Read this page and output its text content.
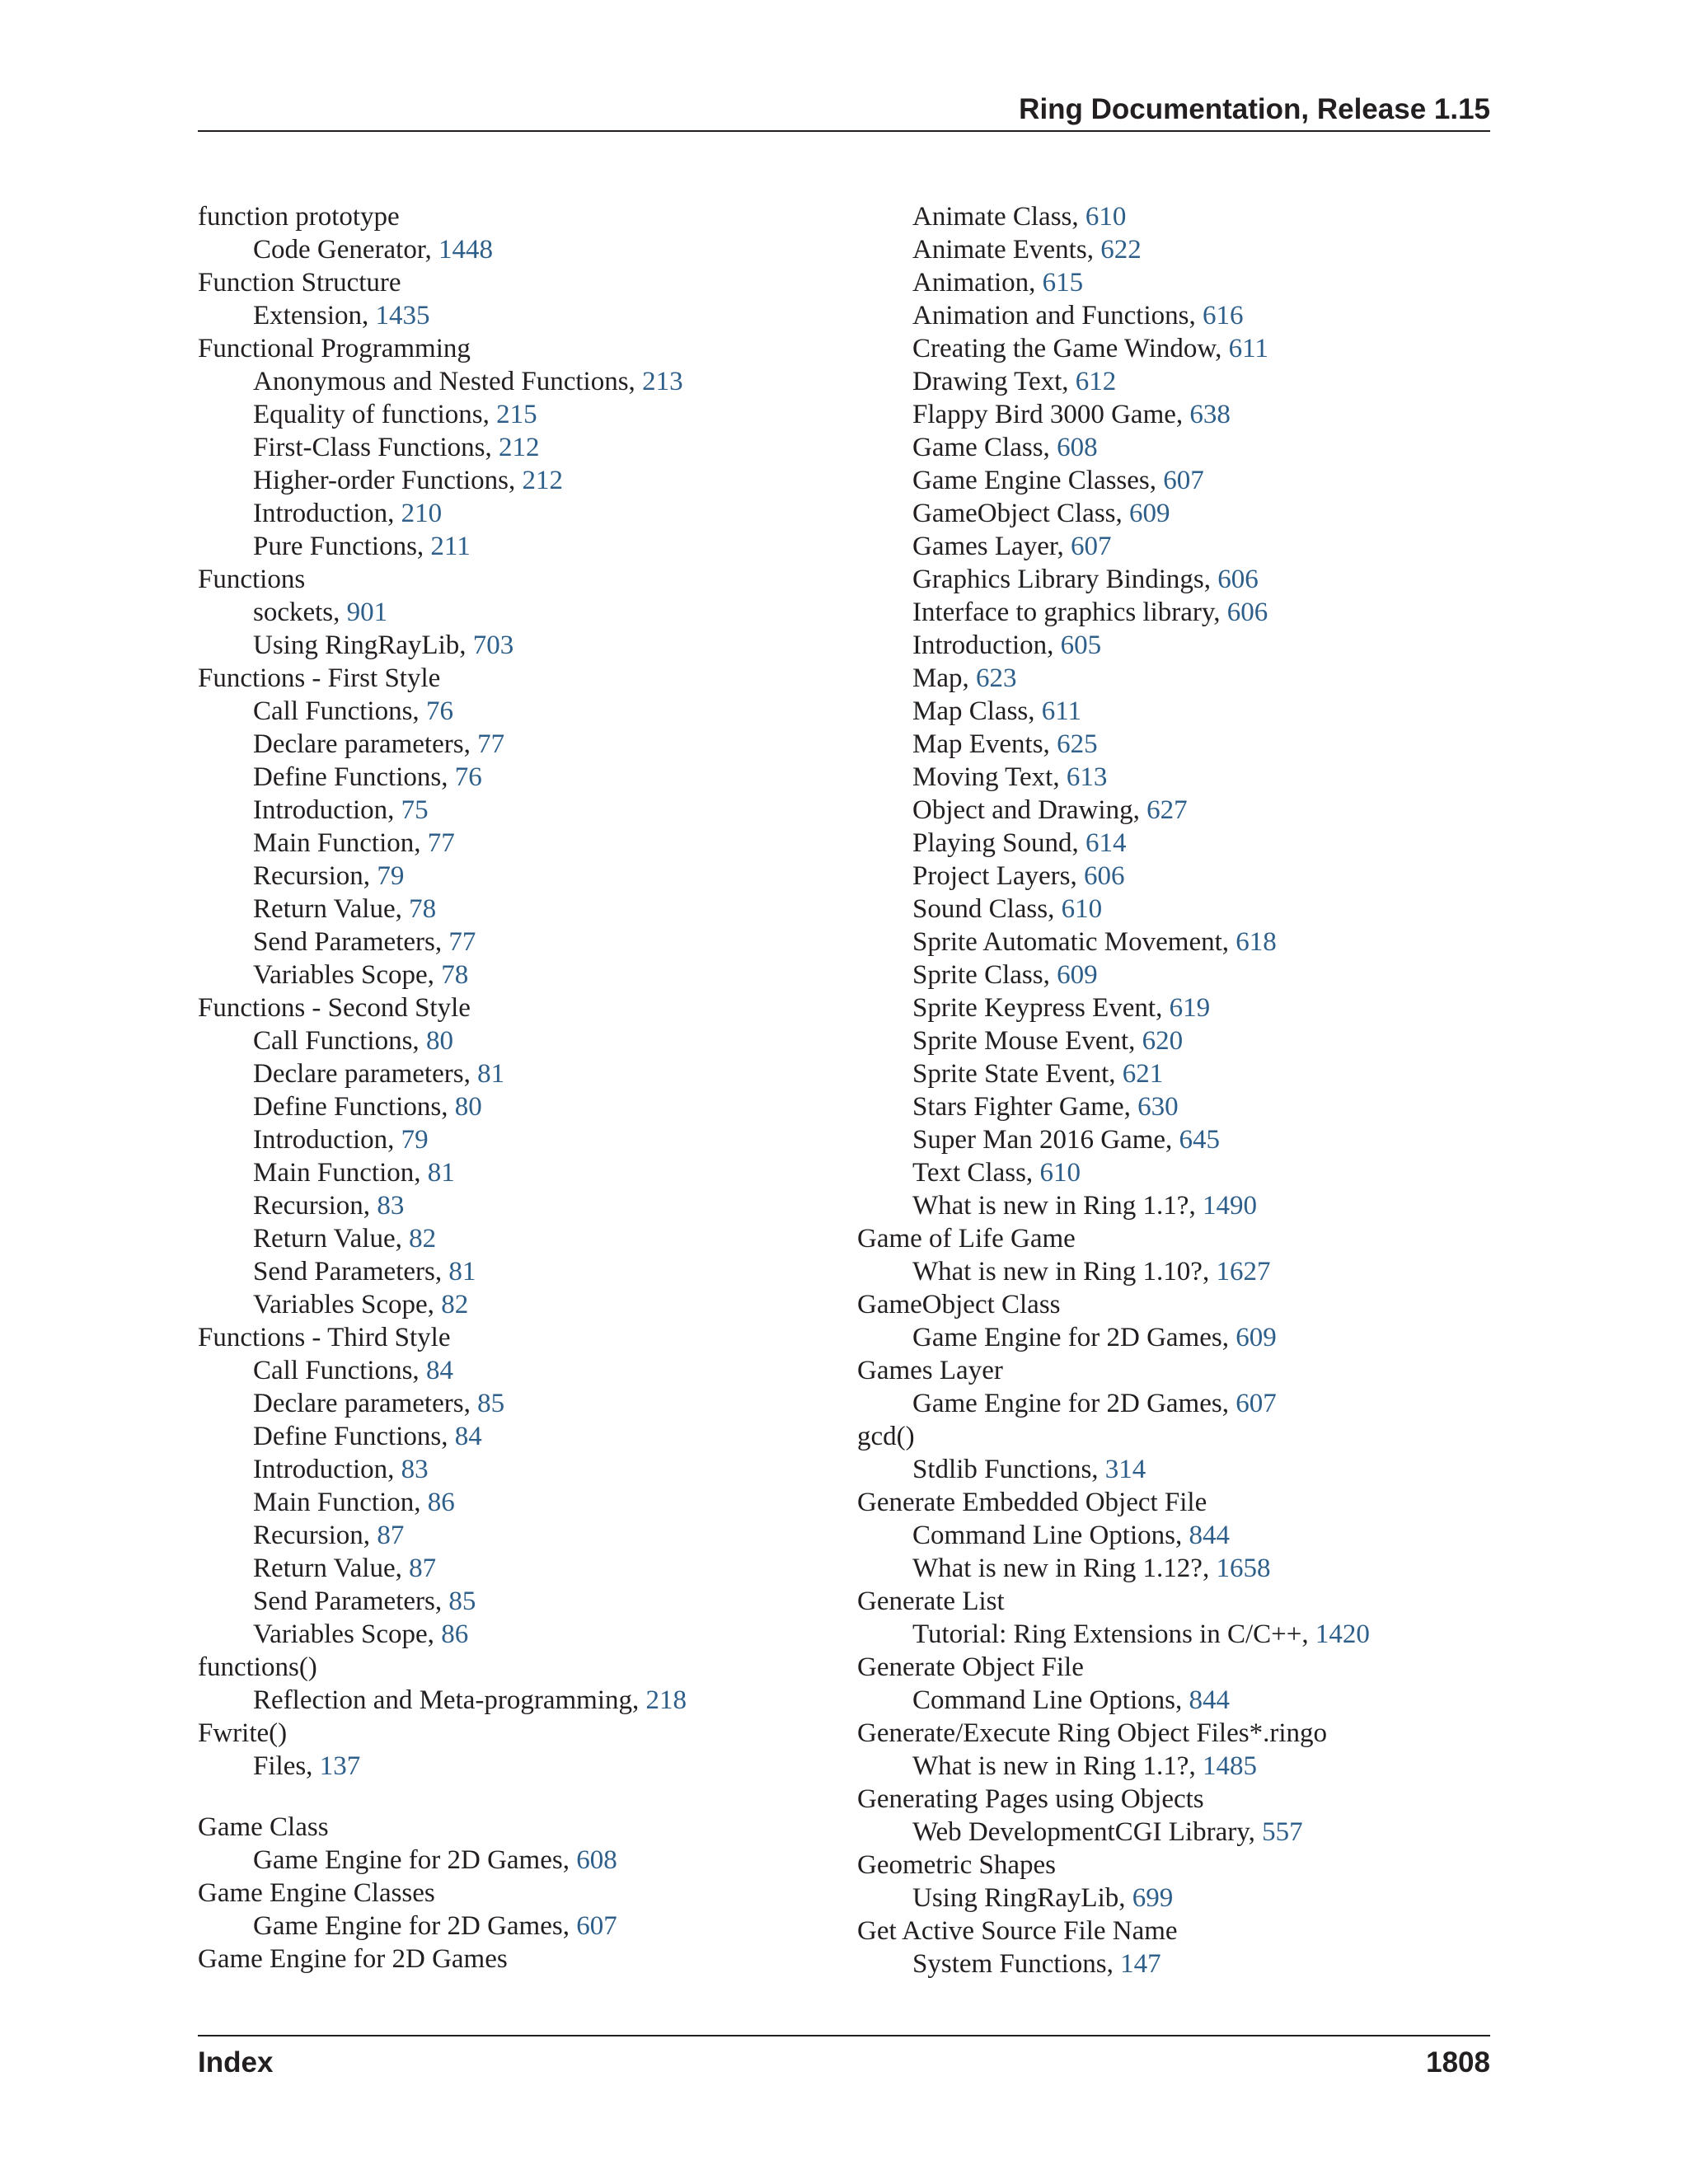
Ring Documentation, Release 1.15
function prototype
Code Generator, 1448
Function Structure
Extension, 1435
Functional Programming
Anonymous and Nested Functions, 213
Equality of functions, 215
First-Class Functions, 212
Higher-order Functions, 212
Introduction, 210
Pure Functions, 211
Functions
sockets, 901
Using RingRayLib, 703
Functions - First Style
Call Functions, 76
Declare parameters, 77
Define Functions, 76
Introduction, 75
Main Function, 77
Recursion, 79
Return Value, 78
Send Parameters, 77
Variables Scope, 78
Functions - Second Style
Call Functions, 80
Declare parameters, 81
Define Functions, 80
Introduction, 79
Main Function, 81
Recursion, 83
Return Value, 82
Send Parameters, 81
Variables Scope, 82
Functions - Third Style
Call Functions, 84
Declare parameters, 85
Define Functions, 84
Introduction, 83
Main Function, 86
Recursion, 87
Return Value, 87
Send Parameters, 85
Variables Scope, 86
functions()
Reflection and Meta-programming, 218
Fwrite()
Files, 137
Game Class
Game Engine for 2D Games, 608
Game Engine Classes
Game Engine for 2D Games, 607
Game Engine for 2D Games
Animate Class, 610
Animate Events, 622
Animation, 615
Animation and Functions, 616
Creating the Game Window, 611
Drawing Text, 612
Flappy Bird 3000 Game, 638
Game Class, 608
Game Engine Classes, 607
GameObject Class, 609
Games Layer, 607
Graphics Library Bindings, 606
Interface to graphics library, 606
Introduction, 605
Map, 623
Map Class, 611
Map Events, 625
Moving Text, 613
Object and Drawing, 627
Playing Sound, 614
Project Layers, 606
Sound Class, 610
Sprite Automatic Movement, 618
Sprite Class, 609
Sprite Keypress Event, 619
Sprite Mouse Event, 620
Sprite State Event, 621
Stars Fighter Game, 630
Super Man 2016 Game, 645
Text Class, 610
What is new in Ring 1.1?, 1490
Game of Life Game
What is new in Ring 1.10?, 1627
GameObject Class
Game Engine for 2D Games, 609
Games Layer
Game Engine for 2D Games, 607
gcd()
Stdlib Functions, 314
Generate Embedded Object File
Command Line Options, 844
What is new in Ring 1.12?, 1658
Generate List
Tutorial: Ring Extensions in C/C++, 1420
Generate Object File
Command Line Options, 844
Generate/Execute Ring Object Files*.ringo
What is new in Ring 1.1?, 1485
Generating Pages using Objects
Web DevelopmentCGI Library, 557
Geometric Shapes
Using RingRayLib, 699
Get Active Source File Name
System Functions, 147
Index	1808
